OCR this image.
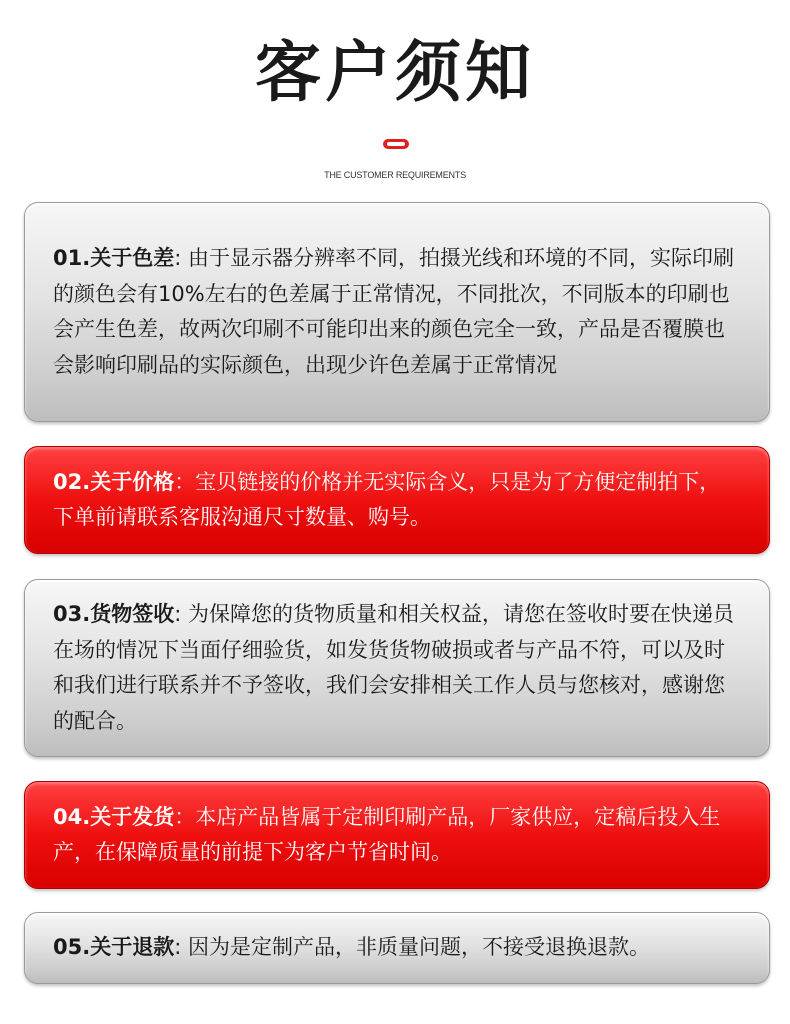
客户须知
THE CUSTOMER REQUIREMENTS

01.关于色差: 由于显示器分辨率不同，拍摄光线和环境的不同，实际印刷的颜色会有10%左右的色差属于正常情况，不同批次，不同版本的印刷也会产生色差，故两次印刷不可能印出来的颜色完全一致，产品是否覆膜也会影响印刷品的实际颜色，出现少许色差属于正常情况

02.关于价格：宝贝链接的价格并无实际含义，只是为了方便定制拍下，下单前请联系客服沟通尺寸数量、购号。

03.货物签收: 为保障您的货物质量和相关权益，请您在签收时要在快递员在场的情况下当面仔细验货，如发货货物破损或者与产品不符，可以及时和我们进行联系并不予签收，我们会安排相关工作人员与您核对，感谢您的配合。

04.关于发货：本店产品皆属于定制印刷产品，厂家供应，定稿后投入生产，在保障质量的前提下为客户节省时间。

05.关于退款: 因为是定制产品，非质量问题，不接受退换退款。
